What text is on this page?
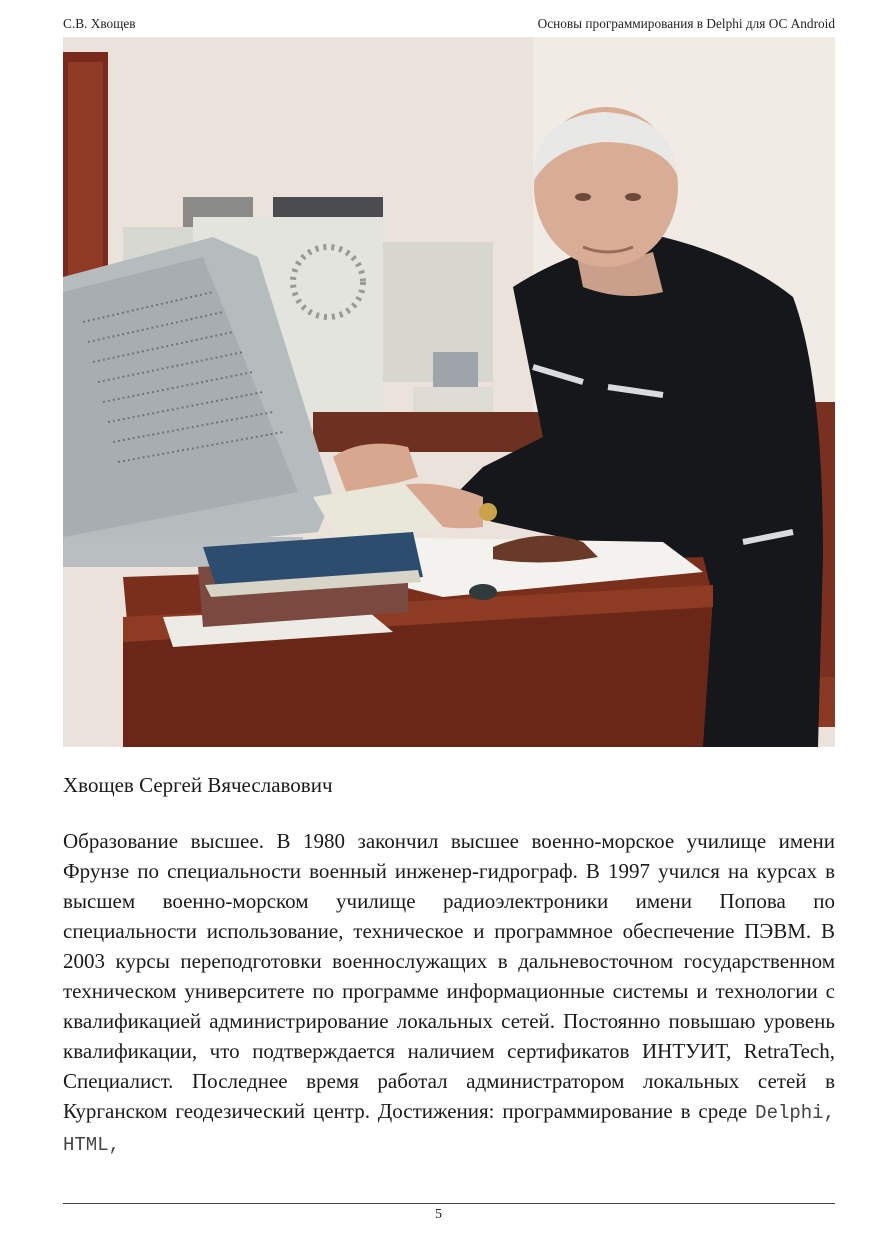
С.В. Хвощев	Основы программирования в Delphi для ОС Android
Хвощев Сергей Вячеславович

Образование высшее. В 1980 закончил высшее военно-морское училище имени Фрунзе по специальности военный инженер-гидрограф. В 1997 учился на курсах в высшем военно-морском училище радиоэлектроники имени Попова по специальности использование, техническое и программное обеспечение ПЭВМ. В 2003 курсы переподготовки военнослужащих в дальневосточном государственном техническом университете по программе информационные системы и технологии с квалификацией администрирование локальных сетей. Постоянно повышаю уровень квалификации, что подтверждается наличием сертификатов ИНТУИТ, RetraTech, Специалист. Последнее время работал администратором локальных сетей в Курганском геодезический центр. Достижения: программирование в среде Delphi, HTML,

5
